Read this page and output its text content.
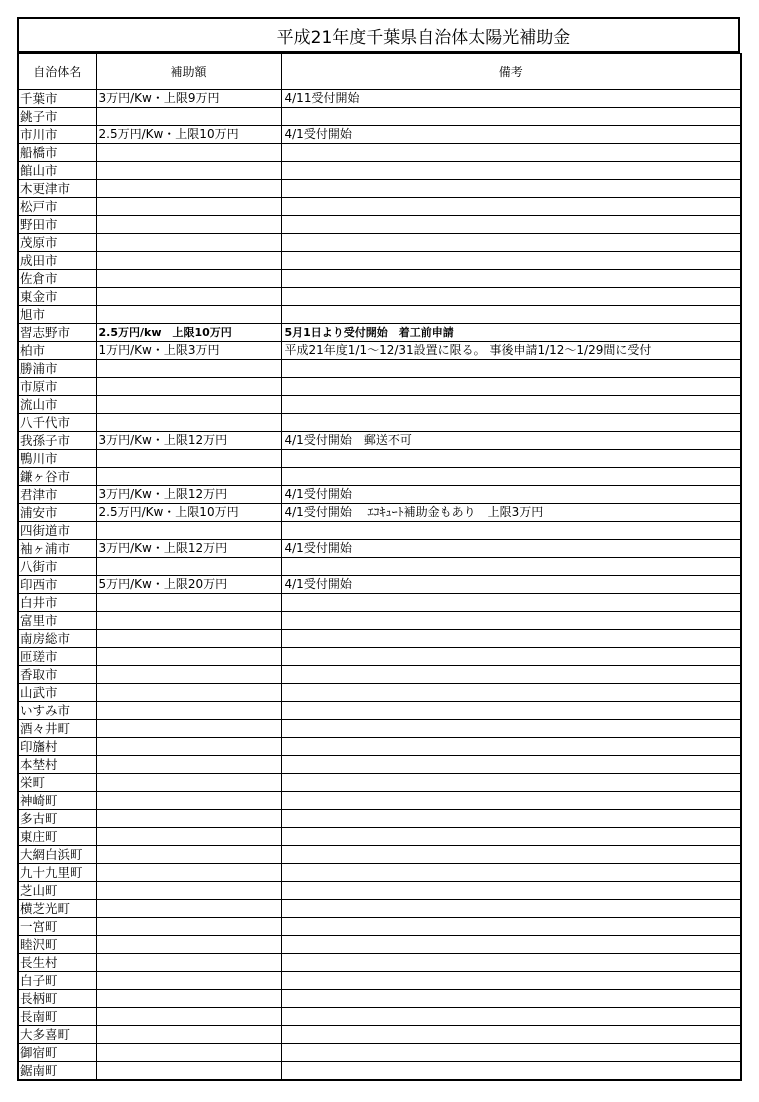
平成21年度千葉県自治体太陽光補助金
自治体名	補助額	備考
千葉市	3万円/Kw・上限9万円	4/11受付開始
銚子市		
市川市	2.5万円/Kw・上限10万円	4/1受付開始
船橋市		
館山市		
木更津市		
松戸市		
野田市		
茂原市		
成田市		
佐倉市		
東金市		
旭市		
習志野市	2.5万円/kw　上限10万円	5月1日より受付開始　着工前申請
柏市	1万円/Kw・上限3万円	平成21年度1/1～12/31設置に限る。 事後申請1/12～1/29間に受付
勝浦市		
市原市		
流山市		
八千代市		
我孫子市	3万円/Kw・上限12万円	4/1受付開始　郵送不可
鴨川市		
鎌ヶ谷市		
君津市	3万円/Kw・上限12万円	4/1受付開始
浦安市	2.5万円/Kw・上限10万円	4/1受付開始　 ｴｺｷｭｰﾄ補助金もあり　上限3万円
四街道市		
袖ヶ浦市	3万円/Kw・上限12万円	4/1受付開始
八街市		
印西市	5万円/Kw・上限20万円	4/1受付開始
白井市		
富里市		
南房総市		
匝瑳市		
香取市		
山武市		
いすみ市		
酒々井町		
印旛村		
本埜村		
栄町		
神崎町		
多古町		
東庄町		
大網白浜町		
九十九里町		
芝山町		
横芝光町		
一宮町		
睦沢町		
長生村		
白子町		
長柄町		
長南町		
大多喜町		
御宿町		
鋸南町		
